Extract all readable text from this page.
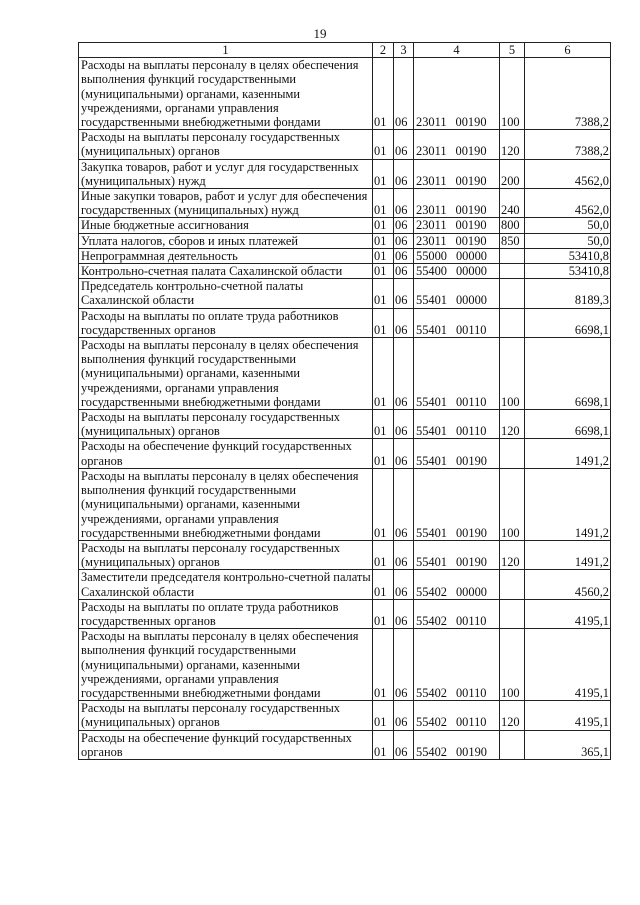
19
1	2	3	4	5	6
Расходы на выплаты персоналу в целях обеспечения выполнения функций государственными (муниципальными) органами, казенными учреждениями, органами управления государственными внебюджетными фондами	01	06	23011 00190	100	7388,2
Расходы на выплаты персоналу государственных (муниципальных) органов	01	06	23011 00190	120	7388,2
Закупка товаров, работ и услуг для государственных (муниципальных) нужд	01	06	23011 00190	200	4562,0
Иные закупки товаров, работ и услуг для обеспечения государственных (муниципальных) нужд	01	06	23011 00190	240	4562,0
Иные бюджетные ассигнования	01	06	23011 00190	800	50,0
Уплата налогов, сборов и иных платежей	01	06	23011 00190	850	50,0
Непрограммная деятельность	01	06	55000 00000		53410,8
Контрольно-счетная палата Сахалинской области	01	06	55400 00000		53410,8
Председатель контрольно-счетной палаты Сахалинской области	01	06	55401 00000		8189,3
Расходы на выплаты по оплате труда работников государственных органов	01	06	55401 00110		6698,1
Расходы на выплаты персоналу в целях обеспечения выполнения функций государственными (муниципальными) органами, казенными учреждениями, органами управления государственными внебюджетными фондами	01	06	55401 00110	100	6698,1
Расходы на выплаты персоналу государственных (муниципальных) органов	01	06	55401 00110	120	6698,1
Расходы на обеспечение функций государственных органов	01	06	55401 00190		1491,2
Расходы на выплаты персоналу в целях обеспечения выполнения функций государственными (муниципальными) органами, казенными учреждениями, органами управления государственными внебюджетными фондами	01	06	55401 00190	100	1491,2
Расходы на выплаты персоналу государственных (муниципальных) органов	01	06	55401 00190	120	1491,2
Заместители председателя контрольно-счетной палаты Сахалинской области	01	06	55402 00000		4560,2
Расходы на выплаты по оплате труда работников государственных органов	01	06	55402 00110		4195,1
Расходы на выплаты персоналу в целях обеспечения выполнения функций государственными (муниципальными) органами, казенными учреждениями, органами управления государственными внебюджетными фондами	01	06	55402 00110	100	4195,1
Расходы на выплаты персоналу государственных (муниципальных) органов	01	06	55402 00110	120	4195,1
Расходы на обеспечение функций государственных органов	01	06	55402 00190		365,1
